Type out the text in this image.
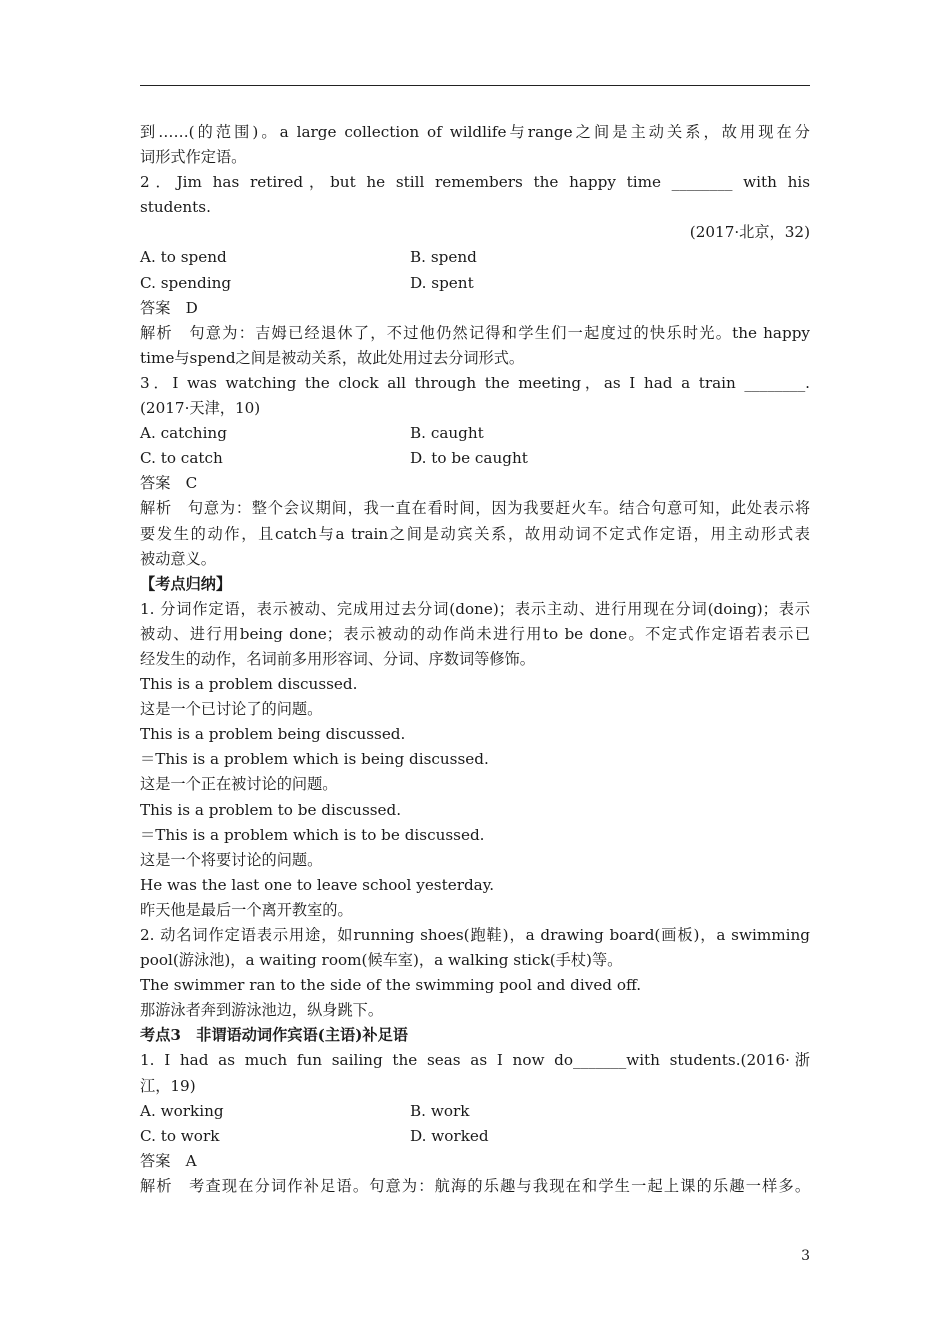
到……(的范围)。a large collection of wildlife与range之间是主动关系，故用现在分
词形式作定语。
2．Jim has retired，but he still remembers the happy time ________ with his
students.
(2017·北京，32)
A. to spend	B. spend
C. spending	D. spent
答案　D
解析　句意为：吉姆已经退休了，不过他仍然记得和学生们一起度过的快乐时光。the happy
time与spend之间是被动关系，故此处用过去分词形式。
3．I was watching the clock all through the meeting，as I had a train ________.
(2017·天津，10)
A. catching	B. caught
C. to catch	D. to be caught
答案　C
解析　句意为：整个会议期间，我一直在看时间，因为我要赶火车。结合句意可知，此处表示将
要发生的动作，且catch与a train之间是动宾关系，故用动词不定式作定语，用主动形式表
被动意义。
【考点归纳】
1. 分词作定语，表示被动、完成用过去分词(done)；表示主动、进行用现在分词(doing)；表示
被动、进行用being done；表示被动的动作尚未进行用to be done。不定式作定语若表示已
经发生的动作，名词前多用形容词、分词、序数词等修饰。
This is a problem discussed.
这是一个已讨论了的问题。
This is a problem being discussed.
＝This is a problem which is being discussed.
这是一个正在被讨论的问题。
This is a problem to be discussed.
＝This is a problem which is to be discussed.
这是一个将要讨论的问题。
He was the last one to leave school yesterday.
昨天他是最后一个离开教室的。
2. 动名词作定语表示用途，如running shoes(跑鞋)，a drawing board(画板)，a swimming
pool(游泳池)，a waiting room(候车室)，a walking stick(手杖)等。
The swimmer ran to the side of the swimming pool and dived off.
那游泳者奔到游泳池边，纵身跳下。
考点3　非谓语动词作宾语(主语)补足语
1. I had as much fun sailing the seas as I now do_______with students.(2016·浙
江，19)
A. working	B. work
C. to work	D. worked
答案　A
解析　考查现在分词作补足语。句意为：航海的乐趣与我现在和学生一起上课的乐趣一样多。
3
